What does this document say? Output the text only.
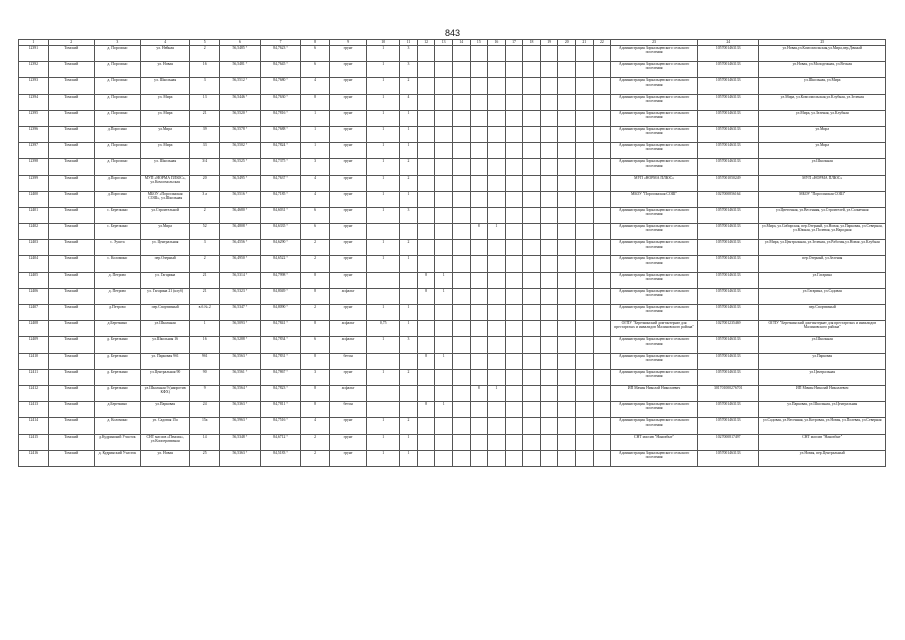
843
1	2	3	4	5	6	7	8	9	10	11	12	13	14	15	16	17	18	19	20	21	22	23	24	25
12391	Томский	д. Поросино	ул. Нейная	2	56,5485 °	84,7623 °	6	грунт	1	3												Администрация Зоркальцевского сельского поселения	1057001463133	ул.Новая,ул.Комсомольская,ул.Мира,пер.Дачный
12392	Томский	д. Поросино	ул. Новая	16	56,5481 °	84,7645 °	6	грунт	1	3												Администрация Зоркальцевского сельского поселения	1057001463133	ул.Новая, ул.Молодежная, ул.Весная
12393	Томский	д. Поросино	ул. Школьная	3	56,5512 °	84,7680 °	4	грунт	1	2												Администрация Зоркальцевского сельского поселения	1057001463133	ул.Школьная, ул.Мира
12394	Томский	д. Поросино	ул. Мира	13	56,5446 °	84,7630 °	8	грунт	1	4												Администрация Зоркальцевского сельского поселения	1057001463133	ул.Мира, ул.Комсомольская,ул.Клубная, ул.Зеленая
12395	Томский	д. Поросино	ул. Мира	21	56,5520 °	84,7816 °	1	грунт	1	1												Администрация Зоркальцевского сельского поселения	1057001463133	ул.Мира, ул.Зеленая, ул.Клубная
12396	Томский	д.Поросино	ул.Мира	39	56,5578 °	84,7688 °	1	грунт	1	1												Администрация Зоркальцевского сельского поселения	1057001463133	ул.Мира
12397	Томский	д. Поросино	ул. Мира	33	56,5502 °	84,7824 °	1	грунт	1	1												Администрация Зоркальцевского сельского поселения	1057001463133	ул.Мира
12398	Томский	д. Поросино	ул. Школьная	3/4	56,5525 °	84,7375 °	3	грунт	1	2												Администрация Зоркальцевского сельского поселения	1057001463133	ул.Школьная
12399	Томский	д.Поросино	МУП «НОРМА ПЛЮС», ул.Комсомольская	20	56,5495 °	84,7637 °	4	грунт	1	2												МУП «НОРМА ПЛЮС»	1057001050249	МУП «НОРМА ПЛЮС»
12400	Томский	д.Поросино	МБОУ «Поросинская СОШ», ул.Школьная	3 а	56,5516 °	84,7185 °	4	грунт	1	1												МБОУ "Поросинская СОШ"	1027000856164	МБОУ "Поросинская СОШ"
12401	Томский	с. Березкино	ул.Строительной	2	56,4680 °	84,6031 °	6	грунт	1	3												Администрация Зоркальцевского сельского поселения	1057001463133	ул.Цветочная, ул.Весенняя, ул.Строителей, ул.Солнечная
12402	Томский	с. Березкино	ул.Мира	52	56,4808 °	84,6335 °	6	грунт						8	1							Администрация Зоркальцевского сельского поселения	1057001463133	ул.Мира, ул.Сибирская, пер.Озерный, ул.Новая, ул.Парковая, ул.Северная, ул.Южная, ул.Полевая, ул.Народная
12403	Томский	с. Эушта	ул. Центральная	3	56,4556 °	84,6290 °	2	грунт	1	2												Администрация Зоркальцевского сельского поселения	1057001463133	ул.Мира, ул.Центральная, ул.Зеленая, ул.Рабочая,ул.Новая ,ул.Клубная
12404	Томский	с. Коломино	пер.Озерный	2	56,4950 °	84,6522 °	2	грунт	1	1												Администрация Зоркальцевского сельского поселения	1057001463133	пер.Озерный, ул.Зеленая
12405	Томский	д. Петрово	ул. Гагарина	21	56,5314 °	84,7998 °	8	грунт			8	1										Администрация Зоркальцевского сельского поселения	1057001463133	ул.Гагарина
12406	Томский	д. Петрово	ул. Гагарина 21 (клуб)	21	56,5323 °	84,8049 °	8	асфальт			8	1										Администрация Зоркальцевского сельского поселения	1057001463133	ул.Гагарина, ул.Садовая
12407	Томский	д.Петрово	пер.Спортивный	в.б.№.2	56,5347 °	84,8090 °	2	грунт	1	1												Администрация Зоркальцевского сельского поселения	1057001463133	пер.Спортивный
12408	Томский	д.Березкино	ул.Школьная	1	56,5093 °	84,7841 °	8	асфальт	0,75	1												ОГПУ "Березкинский дом-интернат для престарелых и инвалидов Малиновского района"	1027001235469	ОГПУ "Березкинский дом-интернат для престарелых и инвалидов Малиновского района"
12409	Томский	д. Березкино	ул.Школьная 16	16	56,5288 °	84,7834 °	6	асфальт	1	3												Администрация Зоркальцевского сельского поселения	1057001463133	ул.Школьная
12410	Томский	д. Березкино	ул. Парковая 9б1	9б1	56,5563 °	84,7831 °	8	бетон			8	1										Администрация Зоркальцевского сельского поселения	1057001463133	ул.Парковая
12411	Томский	д. Березкино	ул.Центральная 90	90	56,5561 °	84,7867 °	3	грунт	1	2												Администрация Зоркальцевского сельского поселения	1057001463133	ул.Центральная
12412	Томский	д. Березкино	ул.Школьная 9 (напротив КФХ)	9	56,5564 °	84,7823 °	8	асфальт						8	1							ИП Мачин Николай Николаевич	301701000276701	ИП Мачин Николай Николаевич
12413	Томский	д.Березкино	ул.Парковая	24	56,5363 °	84,7811 °	8	бетон			8	1										Администрация Зоркальцевского сельского поселения	1057001463133	ул.Парковая, ул.Школьная, ул.Центральная
12414	Томский	д. Коломино	ул. Садовая 15а	15а	56,5963 °	84,7516 °	4	грунт	1	2												Администрация Зоркальцевского сельского поселения	1057001463133	ул.Садовая, ул.Весенняя, ул.Котровая, ул.Новая, ул.Полевая, ул.Северная
12415	Томский	д.Кудринский Участок	СНТ массив «Пенсия», ул.Кооперативная	14	56,5348 °	84,6712 °	2	грунт	1	1												СНТ массив "Нанохбыт"	1027000817497	СНТ массив "Нанохбыт"
12416	Томский	д. Кудринский Участок	ул. Новая	25	56,5363 °	84,5183 °	2	грунт	1	1												Администрация Зоркальцевского сельского поселения	1057001463133	ул.Новая, пер.Центральный
